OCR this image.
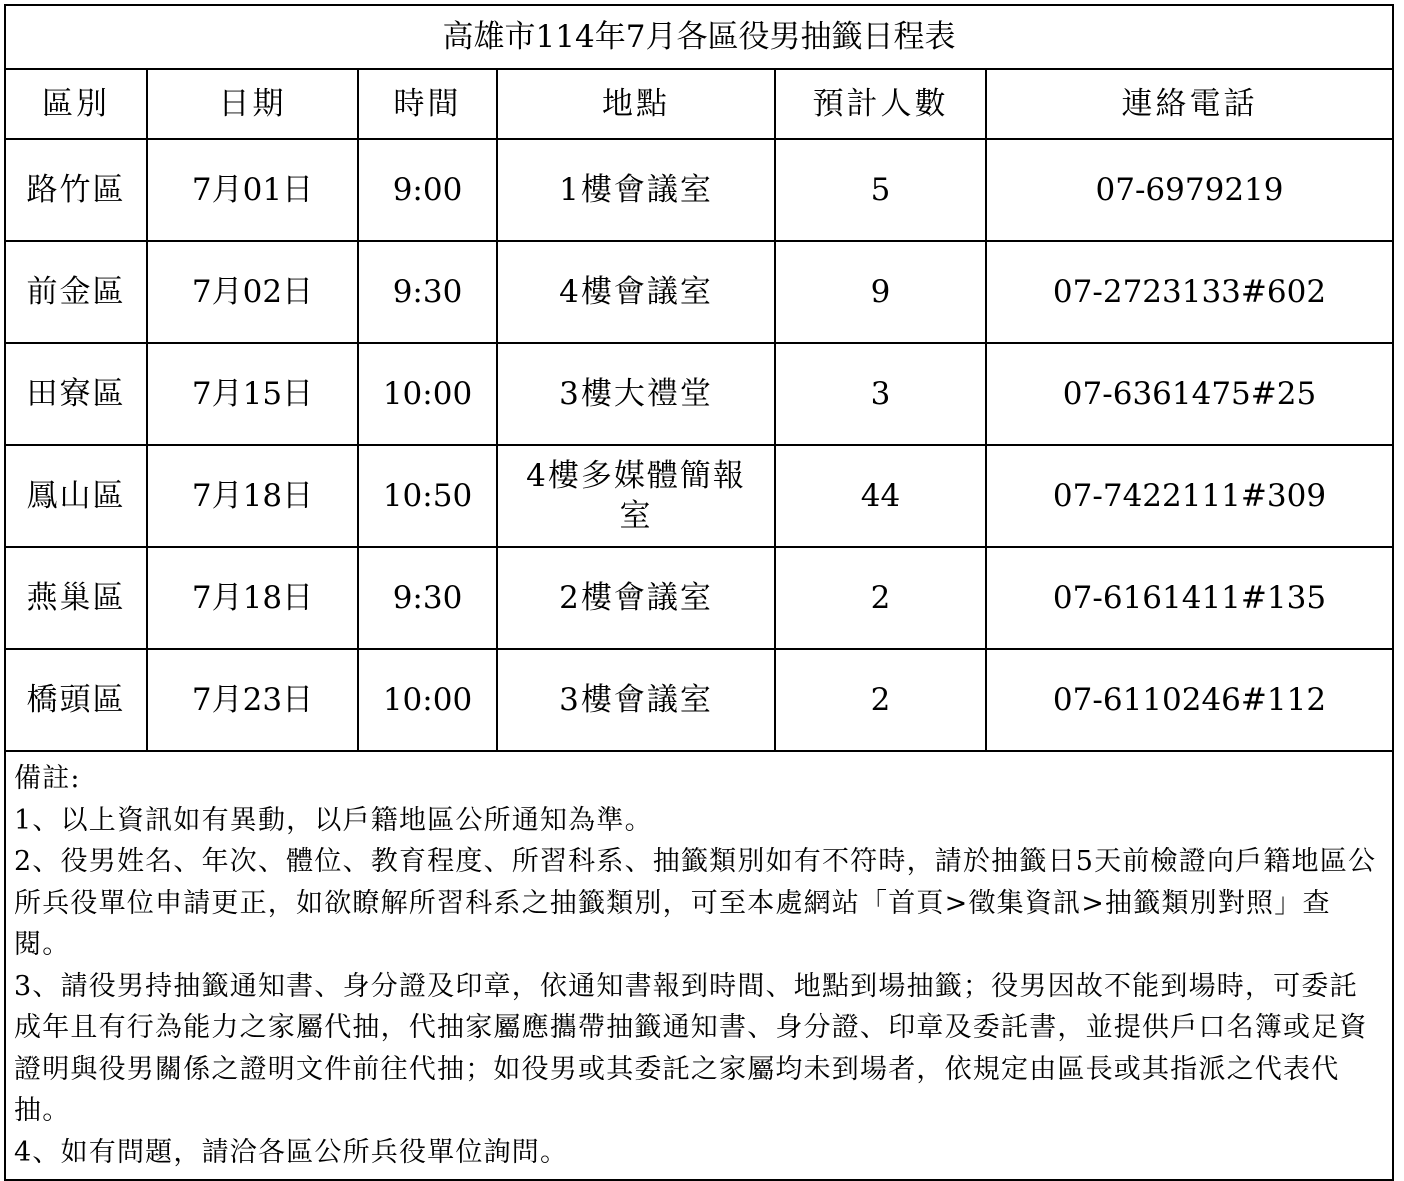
高雄市114年7月各區役男抽籤日程表					
區別	日期	時間	地點	預計人數	連絡電話
路竹區	7月01日	9:00	1樓會議室	5	07-6979219
前金區	7月02日	9:30	4樓會議室	9	07-2723133#602
田寮區	7月15日	10:00	3樓大禮堂	3	07-6361475#25
鳳山區	7月18日	10:50	4樓多媒體簡報室	44	07-7422111#309
燕巢區	7月18日	9:30	2樓會議室	2	07-6161411#135
橋頭區	7月23日	10:00	3樓會議室	2	07-6110246#112
備註:
1、以上資訊如有異動，以戶籍地區公所通知為準。
2、役男姓名、年次、體位、教育程度、所習科系、抽籤類別如有不符時，請於抽籤日5天前檢證向戶籍地區公所兵役單位申請更正，如欲瞭解所習科系之抽籤類別，可至本處網站「首頁>徵集資訊>抽籤類別對照」查閱。
3、請役男持抽籤通知書、身分證及印章，依通知書報到時間、地點到場抽籤；役男因故不能到場時，可委託成年且有行為能力之家屬代抽，代抽家屬應攜帶抽籤通知書、身分證、印章及委託書，並提供戶口名簿或足資證明與役男關係之證明文件前往代抽；如役男或其委託之家屬均未到場者，依規定由區長或其指派之代表代抽。
4、如有問題，請洽各區公所兵役單位詢問。
